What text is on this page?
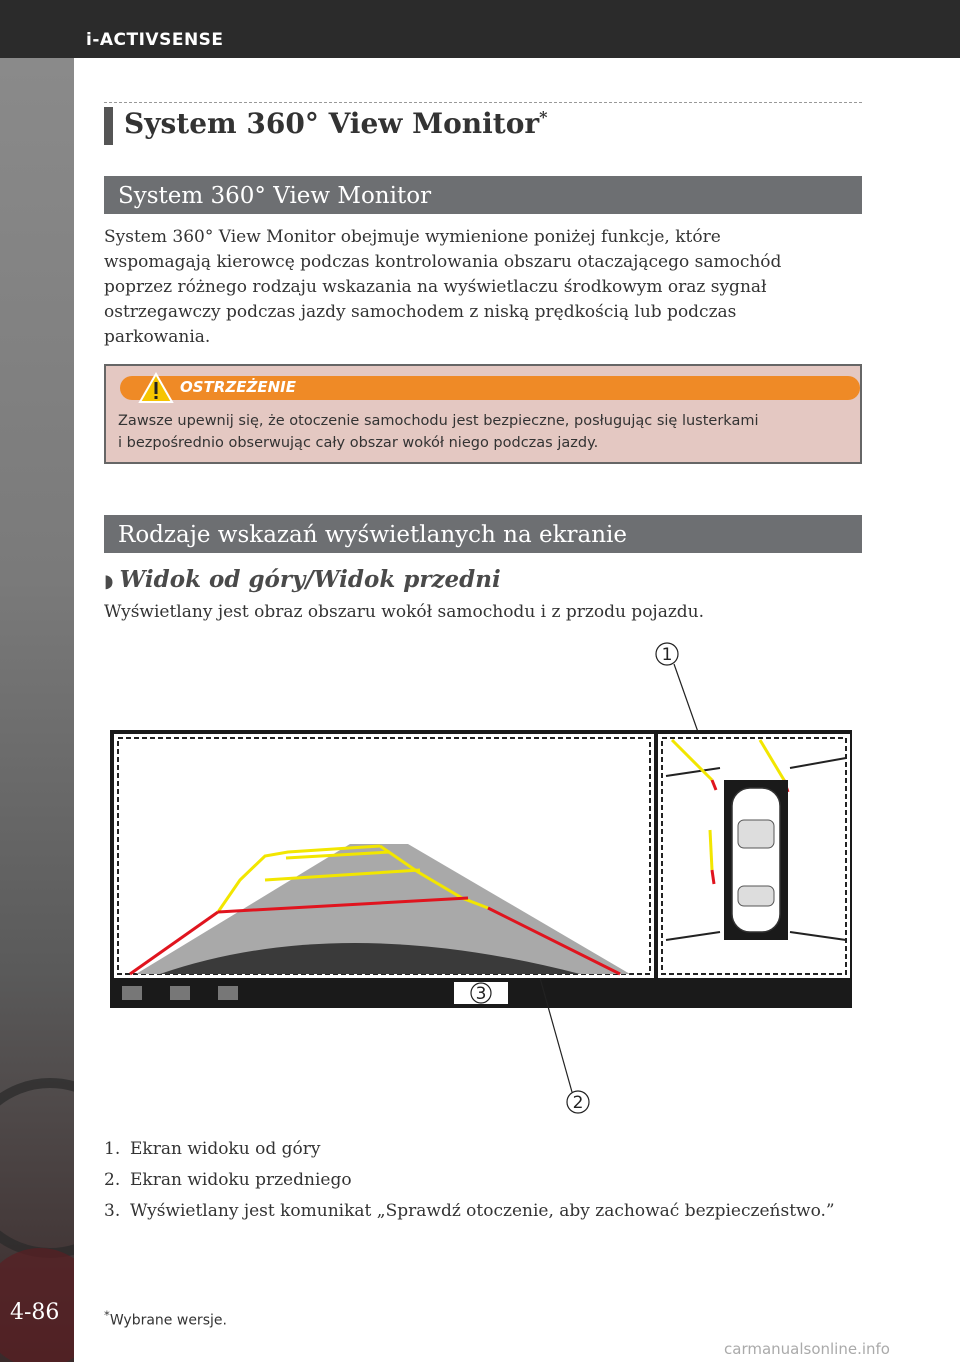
i-ACTIVSENSE
4-86
System 360° View Monitor*
System 360° View Monitor
System 360° View Monitor obejmuje wymienione poniżej funkcje, które
wspomagają kierowcę podczas kontrolowania obszaru otaczającego samochód
poprzez różnego rodzaju wskazania na wyświetlaczu środkowym oraz sygnał
ostrzegawczy podczas jazdy samochodem z niską prędkością lub podczas
parkowania.
OSTRZEŻENIE
Zawsze upewnij się, że otoczenie samochodu jest bezpieczne, posługując się lusterkami
i bezpośrednio obserwując cały obszar wokół niego podczas jazdy.
Rodzaje wskazań wyświetlanych na ekranie
◗ Widok od góry/Widok przedni
Wyświetlany jest obraz obszaru wokół samochodu i z przodu pojazdu.
1
3
2
1. Ekran widoku od góry
2. Ekran widoku przedniego
3. Wyświetlany jest komunikat „Sprawdź otoczenie, aby zachować bezpieczeństwo.”
*Wybrane wersje.
carmanualsonline.info
